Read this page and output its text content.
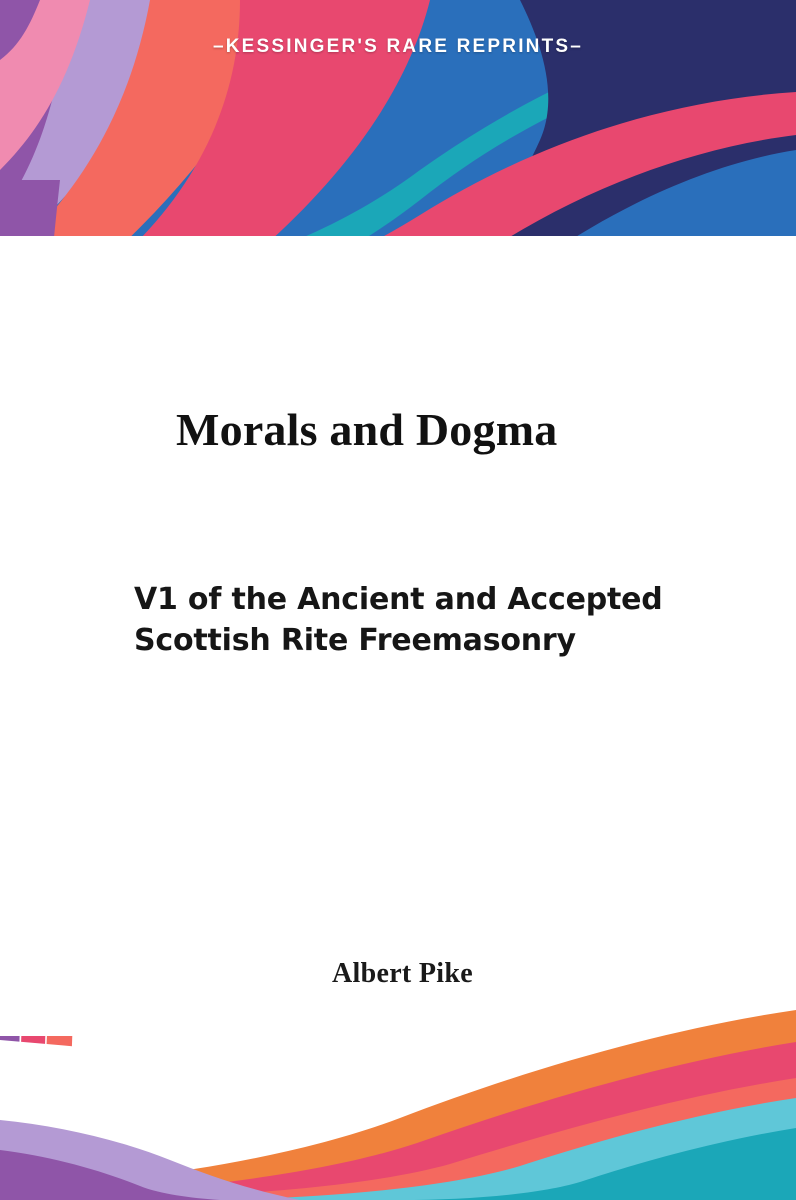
–KESSINGER'S RARE REPRINTS–
Morals and Dogma
V1 of the Ancient and Accepted Scottish Rite Freemasonry
Albert Pike
